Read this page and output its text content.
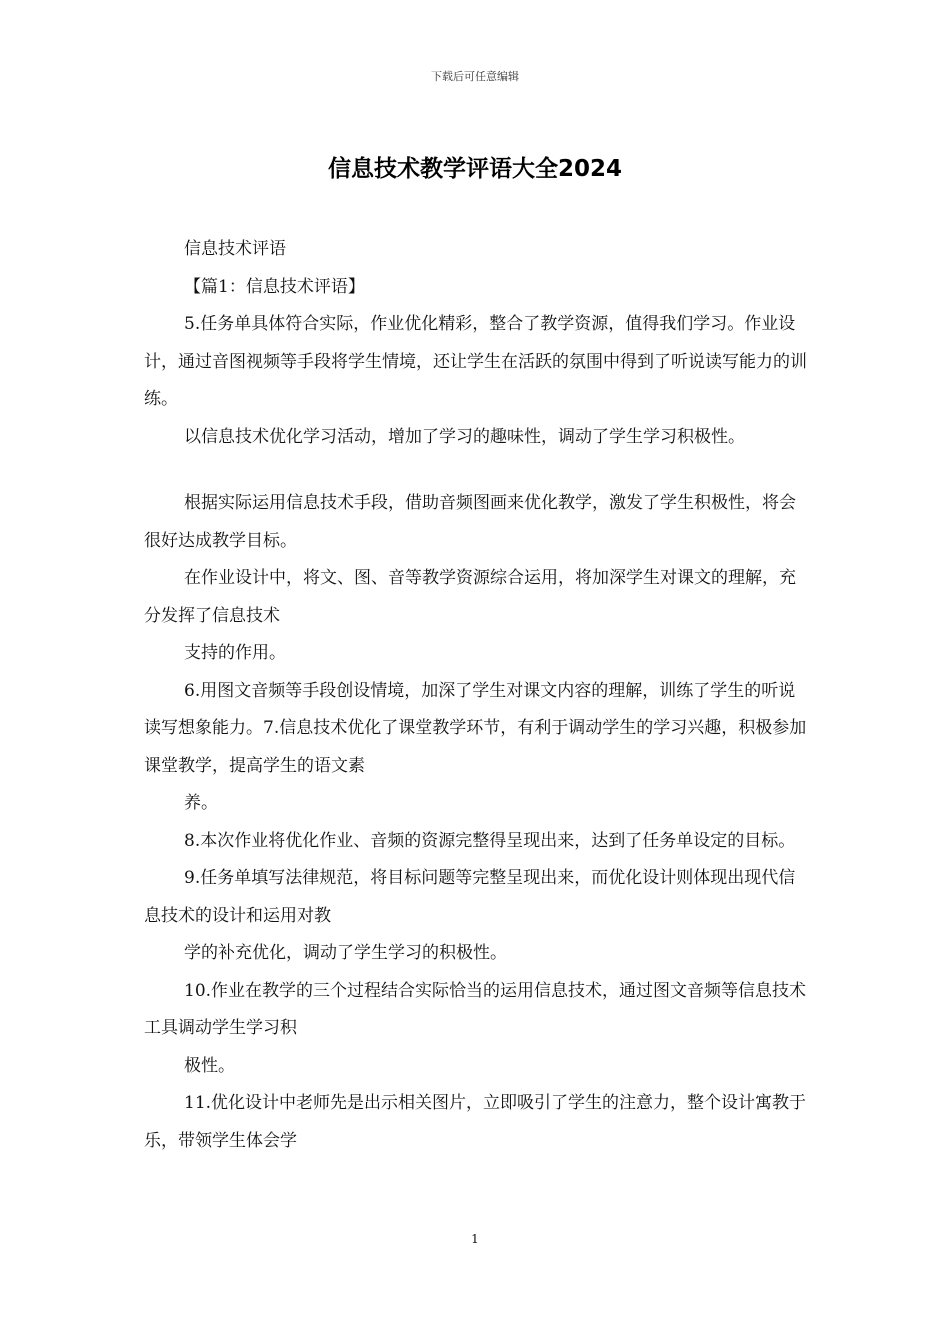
下载后可任意编辑
信息技术教学评语大全2024

信息技术评语

【篇1：信息技术评语】

5.任务单具体符合实际，作业优化精彩，整合了教学资源，值得我们学习。作业设计，通过音图视频等手段将学生情境，还让学生在活跃的氛围中得到了听说读写能力的训练。

以信息技术优化学习活动，增加了学习的趣味性，调动了学生学习积极性。

根据实际运用信息技术手段，借助音频图画来优化教学，激发了学生积极性，将会很好达成教学目标。

在作业设计中，将文、图、音等教学资源综合运用，将加深学生对课文的理解，充分发挥了信息技术

支持的作用。

6.用图文音频等手段创设情境，加深了学生对课文内容的理解，训练了学生的听说读写想象能力。7.信息技术优化了课堂教学环节，有利于调动学生的学习兴趣，积极参加课堂教学，提高学生的语文素

养。

8.本次作业将优化作业、音频的资源完整得呈现出来，达到了任务单设定的目标。

9.任务单填写法律规范，将目标问题等完整呈现出来，而优化设计则体现出现代信息技术的设计和运用对教

学的补充优化，调动了学生学习的积极性。

10.作业在教学的三个过程结合实际恰当的运用信息技术，通过图文音频等信息技术工具调动学生学习积

极性。

11.优化设计中老师先是出示相关图片，立即吸引了学生的注意力，整个设计寓教于乐，带领学生体会学

1
